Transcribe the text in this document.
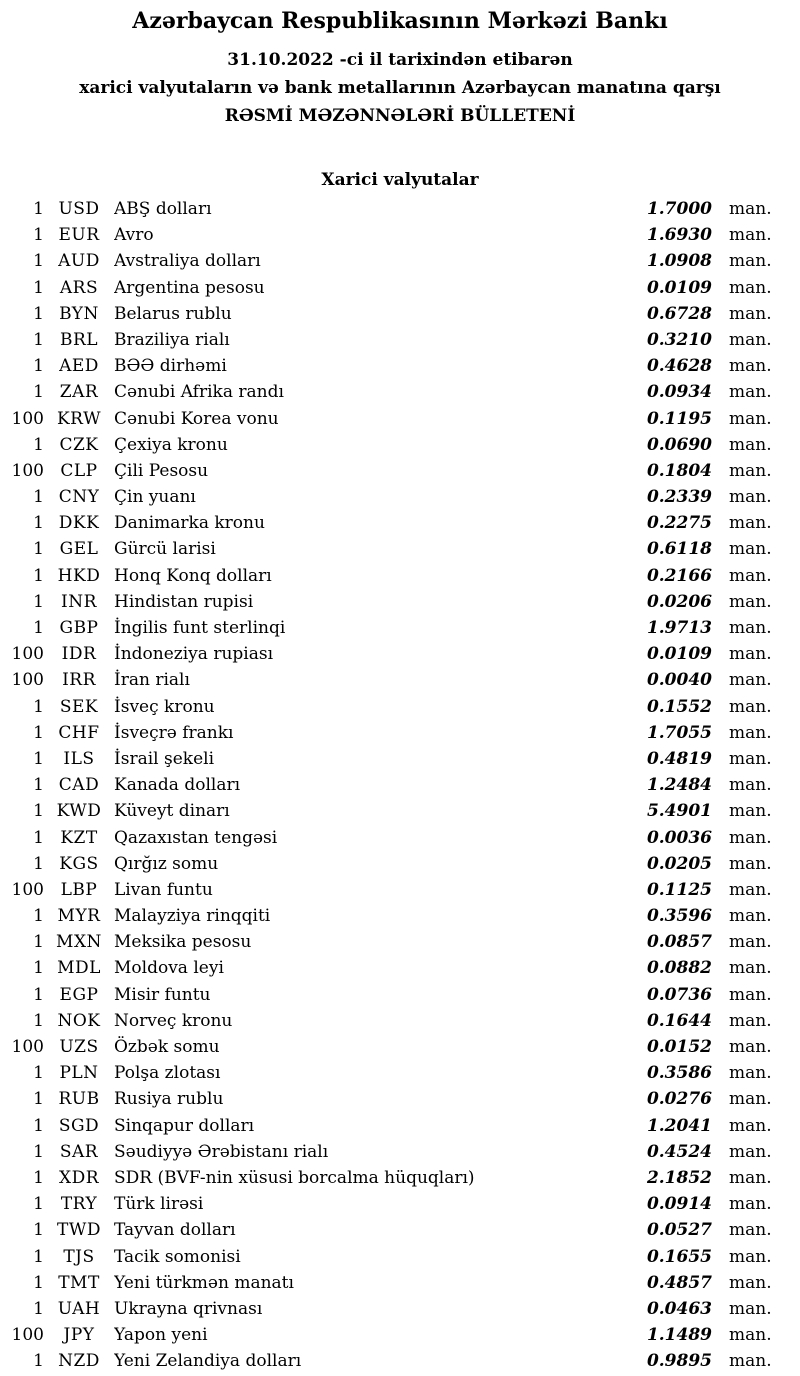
Azərbaycan Respublikasının Mərkəzi Bankı
31.10.2022 -ci il tarixindən etibarən
xarici valyutaların və bank metallarının Azərbaycan manatına qarşı
RƏSMİ MƏZƏNNƏLƏRİ BÜLLETENİ
Xarici valyutalar
1 USD ABŞ dolları	1.7000 man.
1 EUR Avro	1.6930 man.
1 AUD Avstraliya dolları	1.0908 man.
1 ARS Argentina pesosu	0.0109 man.
1 BYN Belarus rublu	0.6728 man.
1 BRL Braziliya rialı	0.3210 man.
1 AED BƏƏ dirhəmi	0.4628 man.
1 ZAR Cənubi Afrika randı	0.0934 man.
100 KRW Cənubi Korea vonu	0.1195 man.
1 CZK Çexiya kronu	0.0690 man.
100 CLP Çili Pesosu	0.1804 man.
1 CNY Çin yuanı	0.2339 man.
1 DKK Danimarka kronu	0.2275 man.
1 GEL Gürcü larisi	0.6118 man.
1 HKD Honq Konq dolları	0.2166 man.
1	INR	Hindistan rupisi	0.0206 man.
1 GBP İngilis funt sterlinqi	1.9713 man.
100	IDR	İndoneziya rupiası	0.0109 man.
100	IRR	İran rialı	0.0040 man.
1 SEK İsveç kronu	0.1552 man.
1 CHF İsveçrə frankı	1.7055 man.
1	ILS	İsrail şekeli	0.4819 man.
1 CAD Kanada dolları	1.2484 man.
1 KWD Küveyt dinarı	5.4901 man.
1 KZT Qazaxıstan tengəsi	0.0036 man.
1 KGS Qırğız somu	0.0205 man.
100 LBP Livan funtu	0.1125 man.
1 MYR Malayziya rinqqiti	0.3596 man.
1 MXN Meksika pesosu	0.0857 man.
1 MDL Moldova leyi	0.0882 man.
1 EGP Misir funtu	0.0736 man.
1 NOK Norveç kronu	0.1644 man.
100 UZS Özbək somu	0.0152 man.
1 PLN Polşa zlotası	0.3586 man.
1 RUB Rusiya rublu	0.0276 man.
1 SGD Sinqapur dolları	1.2041 man.
1 SAR Səudiyyə Ərəbistanı rialı	0.4524 man.
1 XDR SDR (BVF-nin xüsusi borcalma hüquqları)	2.1852 man.
1 TRY Türk lirəsi	0.0914 man.
1 TWD Tayvan dolları	0.0527 man.
1	TJS	Tacik somonisi	0.1655 man.
1 TMT Yeni türkmən manatı	0.4857 man.
1 UAH Ukrayna qrivnası	0.0463 man.
100	JPY	Yapon yeni	1.1489 man.
1 NZD Yeni Zelandiya dolları	0.9895 man.
